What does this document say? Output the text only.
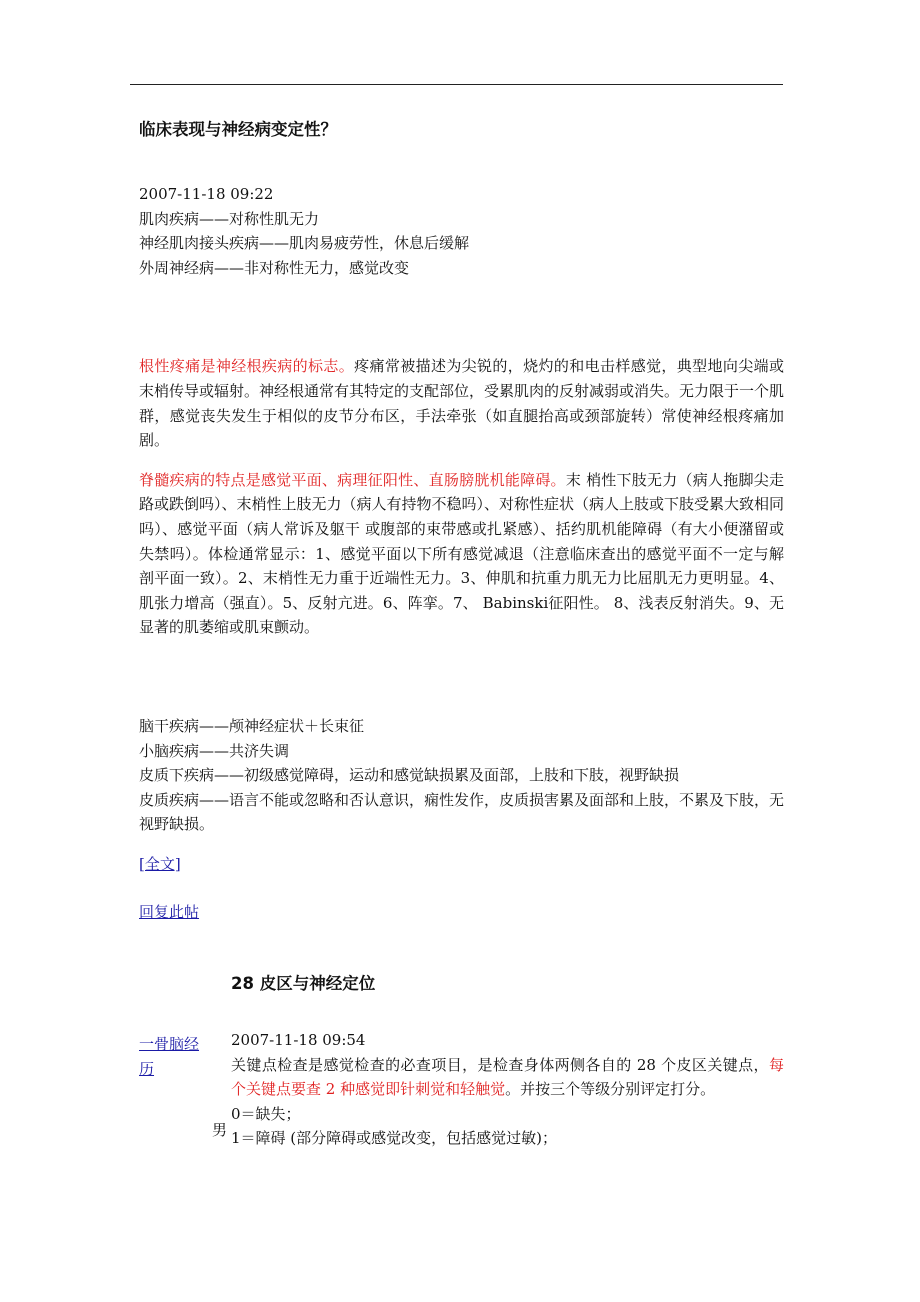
临床表现与神经病变定性？
2007-11-18 09:22
肌肉疾病——对称性肌无力
神经肌肉接头疾病——肌肉易疲劳性，休息后缓解
外周神经病——非对称性无力，感觉改变

根性疼痛是神经根疾病的标志。疼痛常被描述为尖锐的，烧灼的和电击样感觉，典型地向尖端或末梢传导或辐射。神经根通常有其特定的支配部位，受累肌肉的反射减弱或消失。无力限于一个肌群，感觉丧失发生于相似的皮节分布区，手法牵张（如直腿抬高或颈部旋转）常使神经根疼痛加剧。

脊髓疾病的特点是感觉平面、病理征阳性、直肠膀胱机能障碍。末 梢性下肢无力（病人拖脚尖走路或跌倒吗）、末梢性上肢无力（病人有持物不稳吗）、对称性症状（病人上肢或下肢受累大致相同吗）、感觉平面（病人常诉及躯干 或腹部的束带感或扎紧感）、括约肌机能障碍（有大小便潴留或失禁吗）。体检通常显示：1、感觉平面以下所有感觉减退（注意临床查出的感觉平面不一定与解剖平面一致）。2、末梢性无力重于近端性无力。3、伸肌和抗重力肌无力比屈肌无力更明显。4、肌张力增高（强直）。5、反射亢进。6、阵挛。7、 Babinski征阳性。 8、浅表反射消失。9、无显著的肌萎缩或肌束颤动。

脑干疾病——颅神经症状＋长束征
小脑疾病——共济失调

皮质下疾病——初级感觉障碍，运动和感觉缺损累及面部，上肢和下肢，视野缺损

皮质疾病——语言不能或忽略和否认意识，痫性发作，皮质损害累及面部和上肢，不累及下肢，无视野缺损。

[全文]
回复此帖
28 皮区与神经定位
一骨脑经历
男
2007-11-18 09:54

关键点检查是感觉检查的必查项目，是检查身体两侧各自的 28 个皮区关键点，每个关键点要查 2 种感觉即针刺觉和轻触觉。并按三个等级分别评定打分。

0＝缺失；
1＝障碍 (部分障碍或感觉改变，包括感觉过敏)；
